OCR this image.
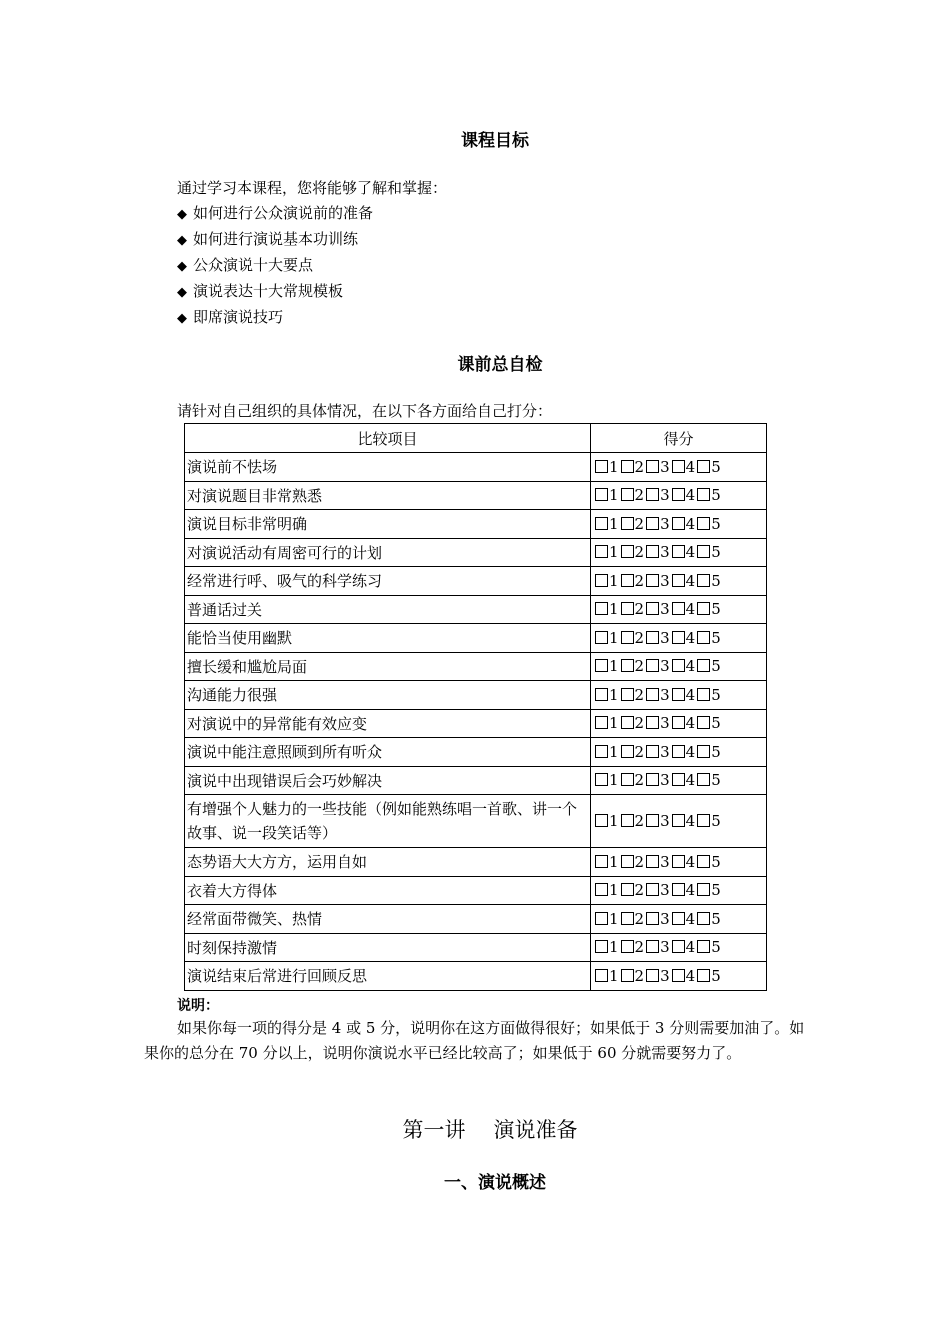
课程目标
通过学习本课程，您将能够了解和掌握：
◆ 如何进行公众演说前的准备
◆ 如何进行演说基本功训练
◆ 公众演说十大要点
◆ 演说表达十大常规模板
◆ 即席演说技巧
课前总自检
请针对自己组织的具体情况，在以下各方面给自己打分：
比较项目	得分
演说前不怯场	1 2 3 4 5
对演说题目非常熟悉	1 2 3 4 5
演说目标非常明确	1 2 3 4 5
对演说活动有周密可行的计划	1 2 3 4 5
经常进行呼、吸气的科学练习	1 2 3 4 5
普通话过关	1 2 3 4 5
能恰当使用幽默	1 2 3 4 5
擅长缓和尴尬局面	1 2 3 4 5
沟通能力很强	1 2 3 4 5
对演说中的异常能有效应变	1 2 3 4 5
演说中能注意照顾到所有听众	1 2 3 4 5
演说中出现错误后会巧妙解决	1 2 3 4 5
有增强个人魅力的一些技能（例如能熟练唱一首歌、讲一个故事、说一段笑话等）	1 2 3 4 5
态势语大大方方，运用自如	1 2 3 4 5
衣着大方得体	1 2 3 4 5
经常面带微笑、热情	1 2 3 4 5
时刻保持激情	1 2 3 4 5
演说结束后常进行回顾反思	1 2 3 4 5
说明：

如果你每一项的得分是 4 或 5 分，说明你在这方面做得很好；如果低于 3 分则需要加油了。如果你的总分在 70 分以上，说明你演说水平已经比较高了；如果低于 60 分就需要努力了。

第一讲 演说准备
一、演说概述
